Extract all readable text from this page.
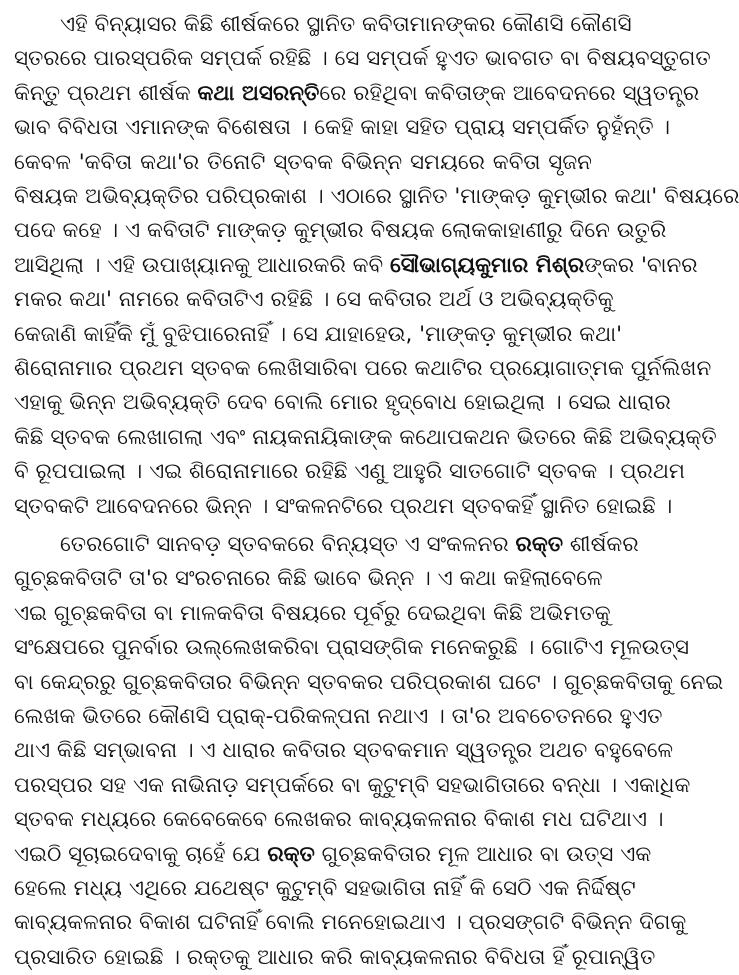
ଏହି ବିନ୍ୟାସର କିଛି ଶୀର୍ଷକରେ ସ୍ଥାନିତ କବିତାମାନଙ୍କର କୌଣସି କୌଣସି
ସ୍ତରରେ ପାରସ୍ପରିକ ସମ୍ପର୍କ ରହିଛି । ସେ ସମ୍ପର୍କ ହୁଏତ ଭାବଗତ ବା ବିଷୟବସ୍ତୁଗତ
କିନ୍ତୁ ପ୍ରଥମ ଶୀର୍ଷକ କଥା ଅସରନ୍ତିରେ ରହିଥିବା କବିତାଙ୍କ ଆବେଦନରେ ସ୍ୱତନ୍ତ୍ର
ଭାବ ବିବିଧତା ଏମାନଙ୍କ ବିଶେଷତା । କେହି କାହା ସହିତ ପ୍ରାୟ ସମ୍ପର୍କିତ ନୁହଁନ୍ତି ।
କେବଳ 'କବିତା କଥା'ର ତିନୋଟି ସ୍ତବକ ବିଭିନ୍ନ ସମୟରେ କବିତା ସୃଜନ
ବିଷୟକ ଅଭିବ୍ୟକ୍ତିର ପରିପ୍ରକାଶ । ଏଠାରେ ସ୍ଥାନିତ 'ମାଙ୍କଡ଼ କୁମ୍ଭୀର କଥା' ବିଷୟରେ
ପଦେ କହେ । ଏ କବିତାଟି ମାଙ୍କଡ଼ କୁମ୍ଭୀର ବିଷୟକ ଲୋକକାହାଣୀରୁ ଦିନେ ଉତୁରି
ଆସିଥିଲା । ଏହି ଉପାଖ୍ୟାନକୁ ଆଧାରକରି କବି ସୌଭାଗ୍ୟକୁମାର ମିଶ୍ରଙ୍କର 'ବାନର
ମକର କଥା' ନାମରେ କବିତାଟିଏ ରହିଛି । ସେ କବିତାର ଅର୍ଥ ଓ ଅଭିବ୍ୟକ୍ତିକୁ
କେଜାଣି କାହିଁକି ମୁଁ ବୁଝିପାରେନାହିଁ । ସେ ଯାହାହେଉ, 'ମାଙ୍କଡ଼ କୁମ୍ଭୀର କଥା'
ଶିରୋନାମାର ପ୍ରଥମ ସ୍ତବକ ଲେଖିସାରିବା ପରେ କଥାଟିର ପ୍ରୟୋଗାତ୍ମକ ପୁର୍ନଲିଖନ
ଏହାକୁ ଭିନ୍ନ ଅଭିବ୍ୟକ୍ତି ଦେବ ବୋଲି ମୋର ହୃଦ୍‌ବୋଧ ହୋଇଥିଲା । ସେଇ ଧାରାର
କିଛି ସ୍ତବକ ଲେଖାଗଲା ଏବଂ ନାୟକନାୟିକାଙ୍କ କଥୋପକଥନ ଭିତରେ କିଛି ଅଭିବ୍ୟକ୍ତି
ବି ରୂପପାଇଲା । ଏଇ ଶିରୋନାମାରେ ରହିଛି ଏଣୁ ଆହୁରି ସାତଗୋଟି ସ୍ତବକ । ପ୍ରଥମ
ସ୍ତବକଟି ଆବେଦନରେ ଭିନ୍ନ । ସଂକଳନଟିରେ ପ୍ରଥମ ସ୍ତବକହିଁ ସ୍ଥାନିତ ହୋଇଛି ।
ତେରଗୋଟି ସାନବଡ଼ ସ୍ତବକରେ ବିନ୍ୟସ୍ତ ଏ ସଂକଳନର ରକ୍ତ ଶୀର୍ଷକର
ଗୁଚ୍ଛକବିତାଟି ତା'ର ସଂରଚନାରେ କିଛି ଭାବେ ଭିନ୍ନ । ଏ କଥା କହିଲାବେଳେ
ଏଇ ଗୁଚ୍ଛକବିତା ବା ମାଳକବିତା ବିଷୟରେ ପୂର୍ବରୁ ଦେଇଥିବା କିଛି ଅଭିମତକୁ
ସଂକ୍ଷେପରେ ପୁନର୍ବାର ଉଲ୍ଲେଖକରିବା ପ୍ରାସଙ୍ଗିକ ମନେକରୁଛି । ଗୋଟିଏ ମୂଳଉତ୍ସ
ବା କେନ୍ଦ୍ରରୁ ଗୁଚ୍ଛକବିତାର ବିଭିନ୍ନ ସ୍ତବକର ପରିପ୍ରକାଶ ଘଟେ । ଗୁଚ୍ଛକବିତାକୁ ନେଇ
ଲେଖକ ଭିତରେ କୌଣସି ପ୍ରାକ୍-ପରିକଳ୍ପନା ନଥାଏ । ତା'ର ଅବଚେତନରେ ହୁଏତ
ଥାଏ କିଛି ସମ୍ଭାବନା । ଏ ଧାରାର କବିତାର ସ୍ତବକମାନ ସ୍ୱତନ୍ତ୍ର ଅଥଚ ବହୁବେଳେ
ପରସ୍ପର ସହ ଏକ ନାଭିନାଡ଼ ସମ୍ପର୍କରେ ବା କୁଟୁମ୍ବି ସହଭାଗିତାରେ ବନ୍ଧା । ଏକାଧିକ
ସ୍ତବକ ମଧ୍ୟରେ କେବେକେବେ ଲେଖକର କାବ୍ୟକଳନାର ବିକାଶ ମଧ ଘଟିଥାଏ ।
ଏଇଠି ସୂଚାଇଦେବାକୁ ଚାହେଁ ଯେ ରକ୍ତ ଗୁଚ୍ଛକବିତାର ମୂଳ ଆଧାର ବା ଉତ୍ସ ଏକ
ହେଲେ ମଧ୍ୟ ଏଥିରେ ଯଥେଷ୍ଟ କୁଟୁମ୍ବି ସହଭାଗିତା ନାହିଁ କି ସେଠି ଏକ ନିର୍ଦ୍ଦିଷ୍ଟ
କାବ୍ୟକଳନାର ବିକାଶ ଘଟିନାହିଁ ବୋଲି ମନେହୋଇଥାଏ । ପ୍ରସଙ୍ଗଟି ବିଭିନ୍ନ ଦିଗକୁ
ପ୍ରସାରିତ ହୋଇଛି । ରକ୍ତକୁ ଆଧାର କରି କାବ୍ୟକଳନାର ବିବିଧତା ହିଁ ରୂପାନ୍ୱିତ
